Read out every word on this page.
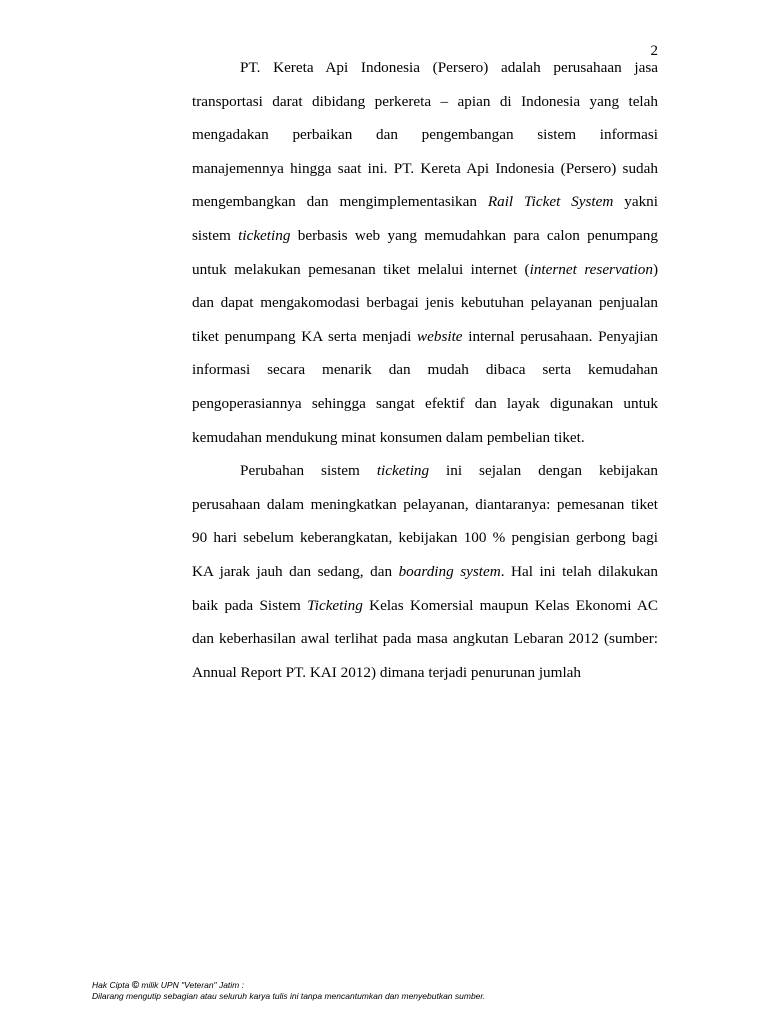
2
PT. Kereta Api Indonesia (Persero) adalah perusahaan jasa
transportasi darat dibidang perkereta – apian di Indonesia yang telah
mengadakan perbaikan dan pengembangan sistem informasi
manajemennya hingga saat ini. PT. Kereta Api Indonesia (Persero) sudah
mengembangkan dan mengimplementasikan Rail Ticket System yakni
sistem ticketing berbasis web yang memudahkan para calon penumpang
untuk melakukan pemesanan tiket melalui internet (internet reservation)
dan dapat mengakomodasi berbagai jenis kebutuhan pelayanan penjualan
tiket penumpang KA serta menjadi website internal perusahaan. Penyajian
informasi secara menarik dan mudah dibaca serta kemudahan
pengoperasiannya sehingga sangat efektif dan layak digunakan untuk
kemudahan mendukung minat konsumen dalam pembelian tiket.
Perubahan sistem ticketing ini sejalan dengan kebijakan
perusahaan dalam meningkatkan pelayanan, diantaranya: pemesanan tiket
90 hari sebelum keberangkatan, kebijakan 100 % pengisian gerbong bagi
KA jarak jauh dan sedang, dan boarding system. Hal ini telah dilakukan
baik pada Sistem Ticketing Kelas Komersial maupun Kelas Ekonomi AC
dan keberhasilan awal terlihat pada masa angkutan Lebaran 2012 (sumber:
Annual Report PT. KAI 2012) dimana terjadi penurunan jumlah
Hak Cipta © milik UPN "Veteran" Jatim :
Dilarang mengutip sebagian atau seluruh karya tulis ini tanpa mencantumkan dan menyebutkan sumber.
